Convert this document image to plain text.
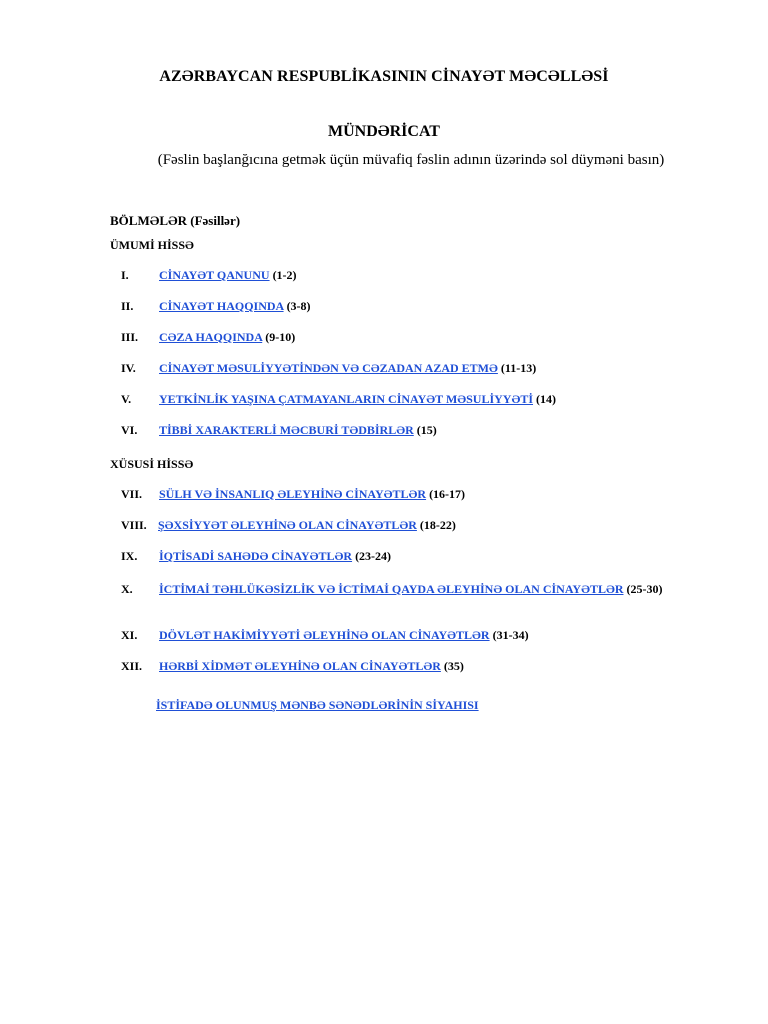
AZƏRBAYCAN RESPUBLİKASININ CİNAYƏT MƏCƏLLƏSİ
MÜNDƏRİCAT
(Fəslin başlanğıcına getmək üçün müvafiq fəslin adının üzərində sol düyməni basın)
BÖLMƏLƏR (Fəsillər)
ÜMUMİ HİSSƏ
I.	CİNAYƏT QANUNU (1-2)
II. CİNAYƏT HAQQINDA (3-8)
III. CƏZA HAQQINDA (9-10)
IV. CİNAYƏT MƏSULİYYƏTİNDƏN VƏ CƏZADAN AZAD ETMƏ (11-13)
V. YETKİNLİK YAŞINA ÇATMAYANLARIN CİNAYƏT MƏSULİYYƏTİ (14)
VI. TİBBİ XARAKTERLİ MƏCBURİ TƏDBİRLƏR (15)
XÜSUSİ HİSSƏ
VII. SÜLH VƏ İNSANLIQ ƏLEYHİNƏ CİNAYƏTLƏR (16-17)
VIII. ŞƏXSİYYƏT ƏLEYHİNƏ OLAN CİNAYƏTLƏR (18-22)
IX. İQTİSADİ SAHƏDƏ CİNAYƏTLƏR (23-24)
X. İCTİMAİ TƏHLÜKƏSİZLİK VƏ İCTİMAİ QAYDA ƏLEYHİNƏ OLAN CİNAYƏTLƏR (25-30)
XI. DÖVLƏT HAKİMİYYƏTİ ƏLEYHİNƏ OLAN CİNAYƏTLƏR (31-34)
XII. HƏRBİ XİDMƏT ƏLEYHİNƏ OLAN CİNAYƏTLƏR (35)
İSTİFADƏ OLUNMUŞ MƏNBƏ SƏNƏDLƏRİNİN SİYAHISI
